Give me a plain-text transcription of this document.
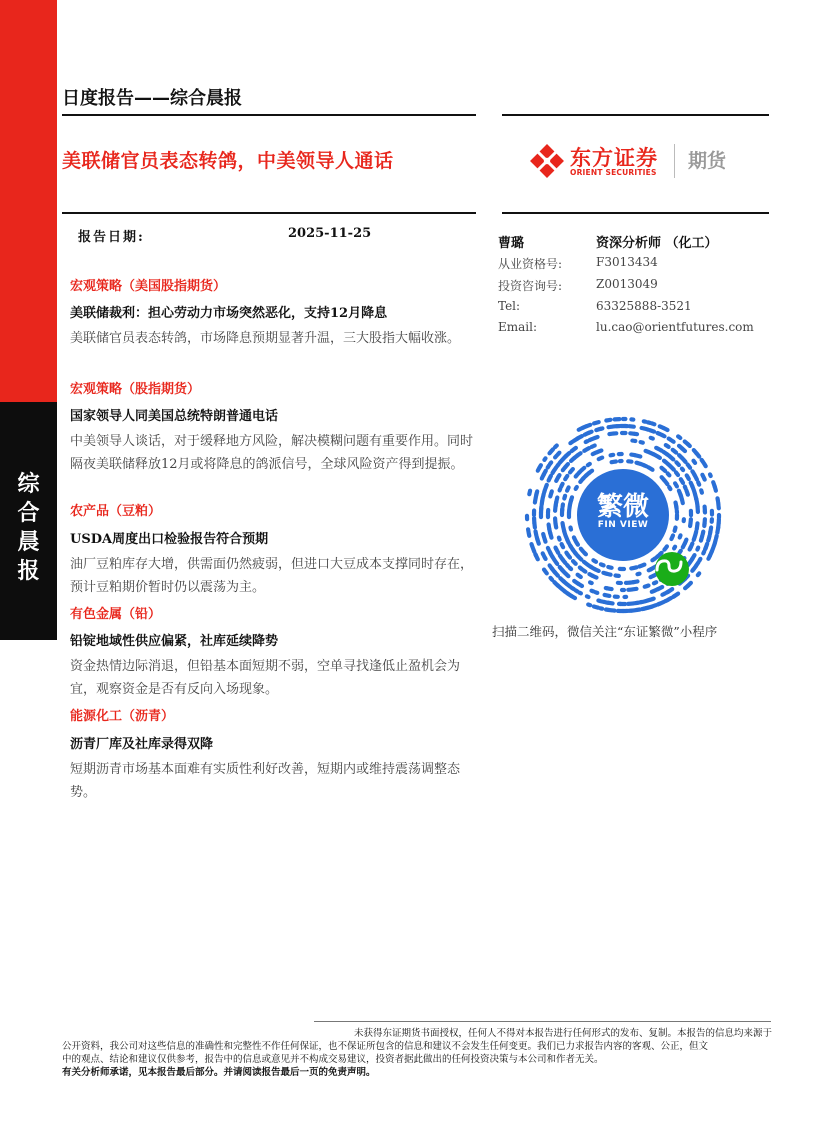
综
合
晨
报
日度报告——综合晨报
美联储官员表态转鸽，中美领导人通话	东方证券
ORIENT SECURITIES
期货
报告日期:	2025-11-25
宏观策略（美国股指期货）
美联储裁利：担心劳动力市场突然恶化，支持12月降息
美联储官员表态转鸽，市场降息预期显著升温，三大股指大幅收涨。
宏观策略（股指期货）
国家领导人同美国总统特朗普通电话
中美领导人谈话，对于缓释地方风险，解决模糊问题有重要作用。同时隔夜美联储释放12月或将降息的鸽派信号，全球风险资产得到提振。
农产品（豆粕）
USDA周度出口检验报告符合预期
油厂豆粕库存大增，供需面仍然疲弱，但进口大豆成本支撑同时存在，预计豆粕期价暂时仍以震荡为主。
有色金属（铅）
铅锭地域性供应偏紧，社库延续降势
资金热情边际消退，但铅基本面短期不弱，空单寻找逢低止盈机会为宜，观察资金是否有反向入场现象。
能源化工（沥青）
沥青厂库及社库录得双降
短期沥青市场基本面难有实质性利好改善，短期内或维持震荡调整态势。
曹璐	资深分析师 （化工）
从业资格号:	F3013434
投资咨询号:	Z0013049
Tel:	63325888-3521
Email:	lu.cao@orientfutures.com
繁微
FIN VIEW
扫描二维码，微信关注“东证繁微”小程序
未获得东证期货书面授权，任何人不得对本报告进行任何形式的发布、复制。本报告的信息均来源于
公开资料，我公司对这些信息的准确性和完整性不作任何保证，也不保证所包含的信息和建议不会发生任何变更。我们已力求报告内容的客观、公正，但文
中的观点、结论和建议仅供参考，报告中的信息或意见并不构成交易建议，投资者据此做出的任何投资决策与本公司和作者无关。
有关分析师承诺，见本报告最后部分。并请阅读报告最后一页的免责声明。
